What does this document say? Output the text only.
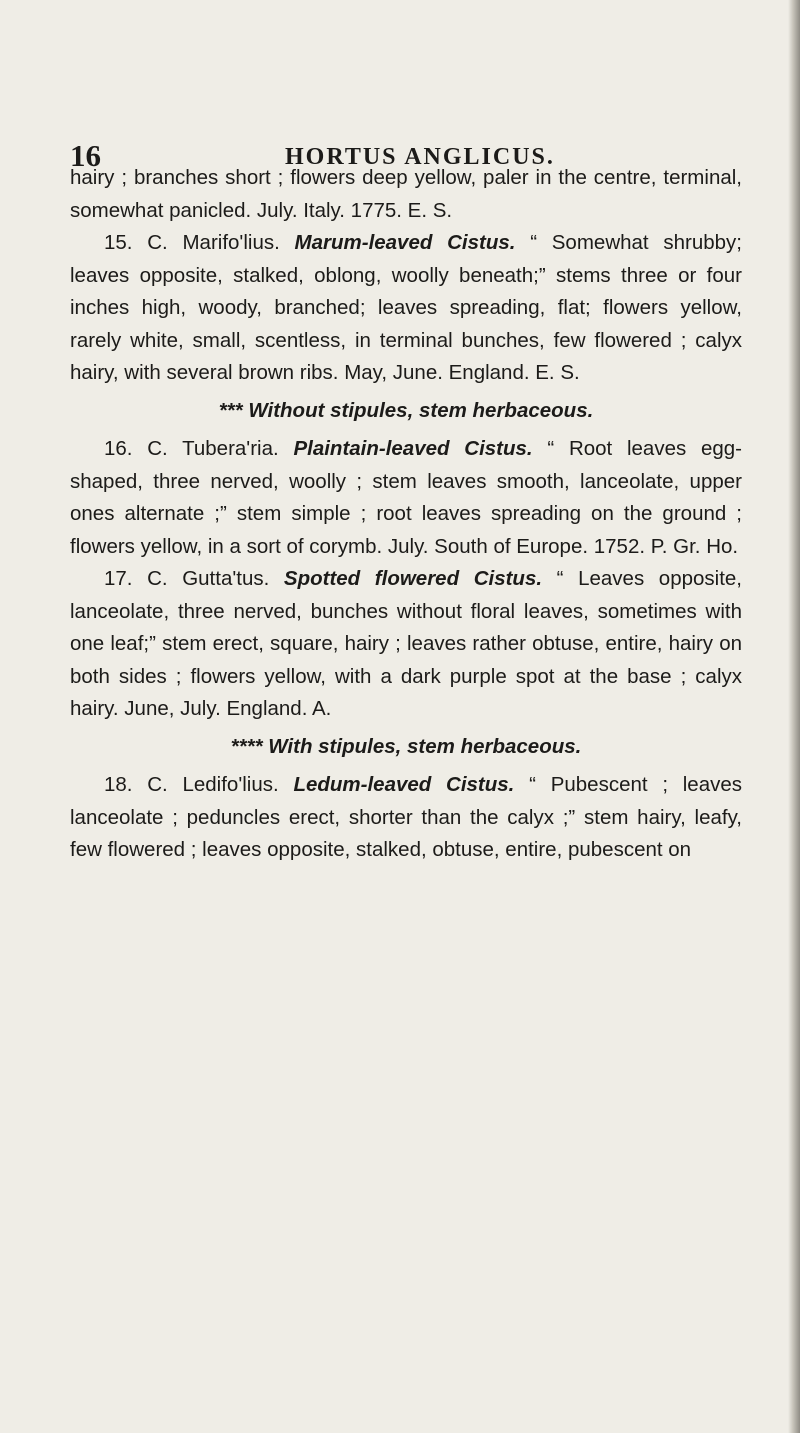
16	HORTUS ANGLICUS.

hairy ; branches short ; flowers deep yellow, paler in the centre, terminal, somewhat panicled. July. Italy. 1775. E. S.

15. C. Marifo'lius. Marum-leaved Cistus. “ Somewhat shrubby; leaves opposite, stalked, oblong, woolly beneath;” stems three or four inches high, woody, branched; leaves spreading, flat; flowers yellow, rarely white, small, scentless, in terminal bunches, few flowered ; calyx hairy, with several brown ribs. May, June. England. E. S.

*** Without stipules, stem herbaceous.

16. C. Tubera'ria. Plaintain-leaved Cistus. “ Root leaves egg-shaped, three nerved, woolly ; stem leaves smooth, lanceolate, upper ones alternate ;” stem simple ; root leaves spreading on the ground ; flowers yellow, in a sort of corymb. July. South of Europe. 1752. P. Gr. Ho.

17. C. Gutta'tus. Spotted flowered Cistus. “ Leaves opposite, lanceolate, three nerved, bunches without floral leaves, sometimes with one leaf;” stem erect, square, hairy ; leaves rather obtuse, entire, hairy on both sides ; flowers yellow, with a dark purple spot at the base ; calyx hairy. June, July. England. A.

**** With stipules, stem herbaceous.

18. C. Ledifo'lius. Ledum-leaved Cistus. “ Pubescent ; leaves lanceolate ; peduncles erect, shorter than the calyx ;” stem hairy, leafy, few flowered ; leaves opposite, stalked, obtuse, entire, pubescent on
